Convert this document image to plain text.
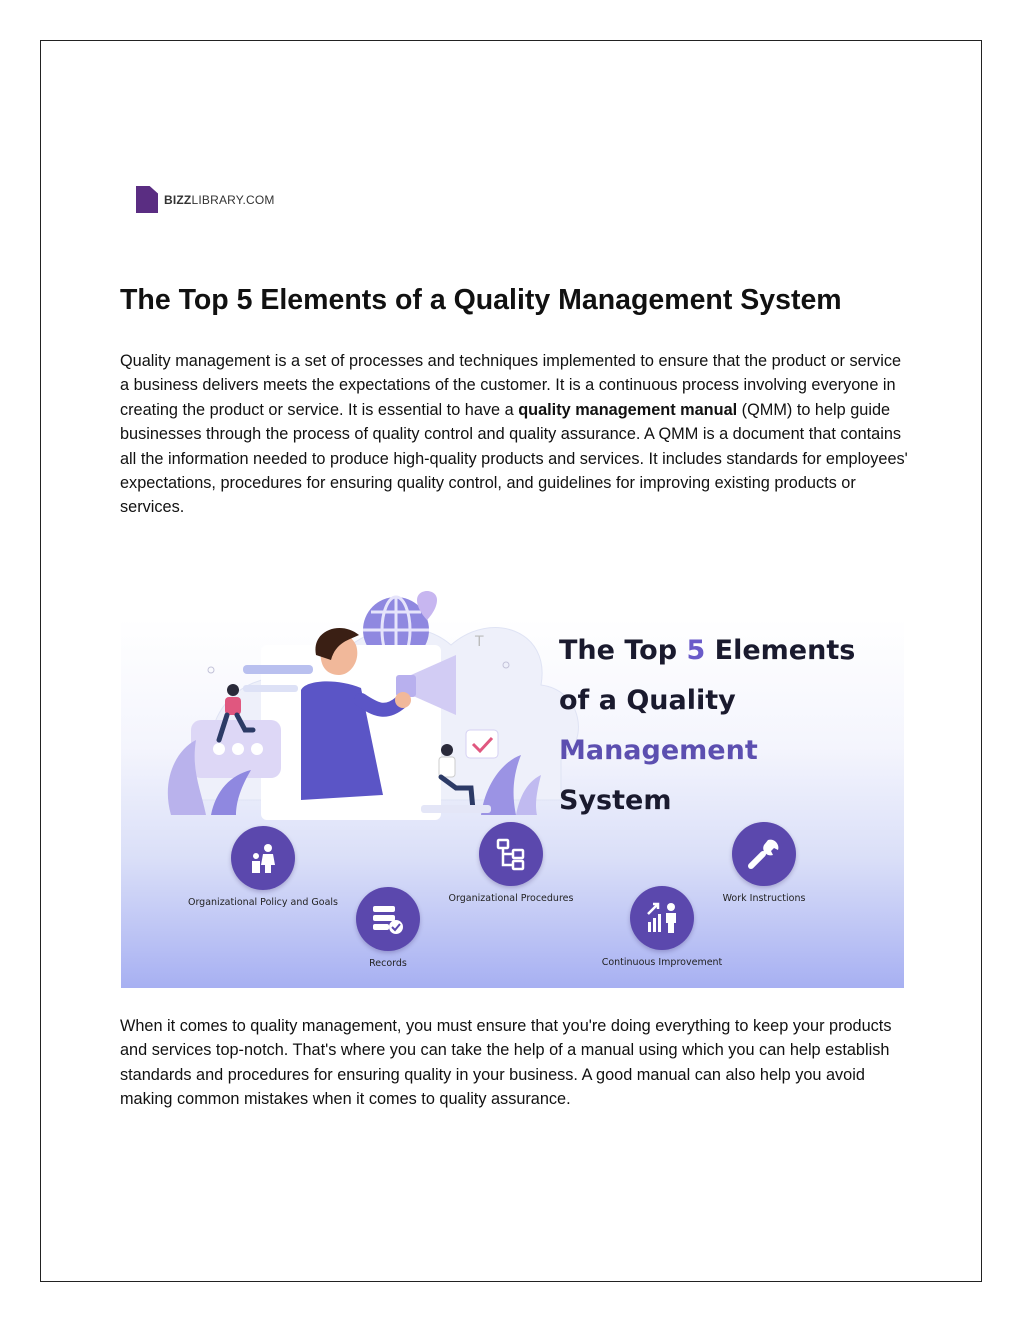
BIZZLIBRARY.COM
The Top 5 Elements of a Quality Management System

Quality management is a set of processes and techniques implemented to ensure that the product or service a business delivers meets the expectations of the customer. It is a continuous process involving everyone in creating the product or service. It is essential to have a quality management manual (QMM) to help guide businesses through the process of quality control and quality assurance. A QMM is a document that contains all the information needed to produce high-quality products and services. It includes standards for employees' expectations, procedures for ensuring quality control, and guidelines for improving existing products or services.

T	The Top 5 Elements
of a Quality
Management
System
Organizational Policy and Goals
Records
Organizational Procedures
Continuous Improvement
Work Instructions

When it comes to quality management, you must ensure that you're doing everything to keep your products and services top-notch. That's where you can take the help of a manual using which you can help establish standards and procedures for ensuring quality in your business. A good manual can also help you avoid making common mistakes when it comes to quality assurance.
